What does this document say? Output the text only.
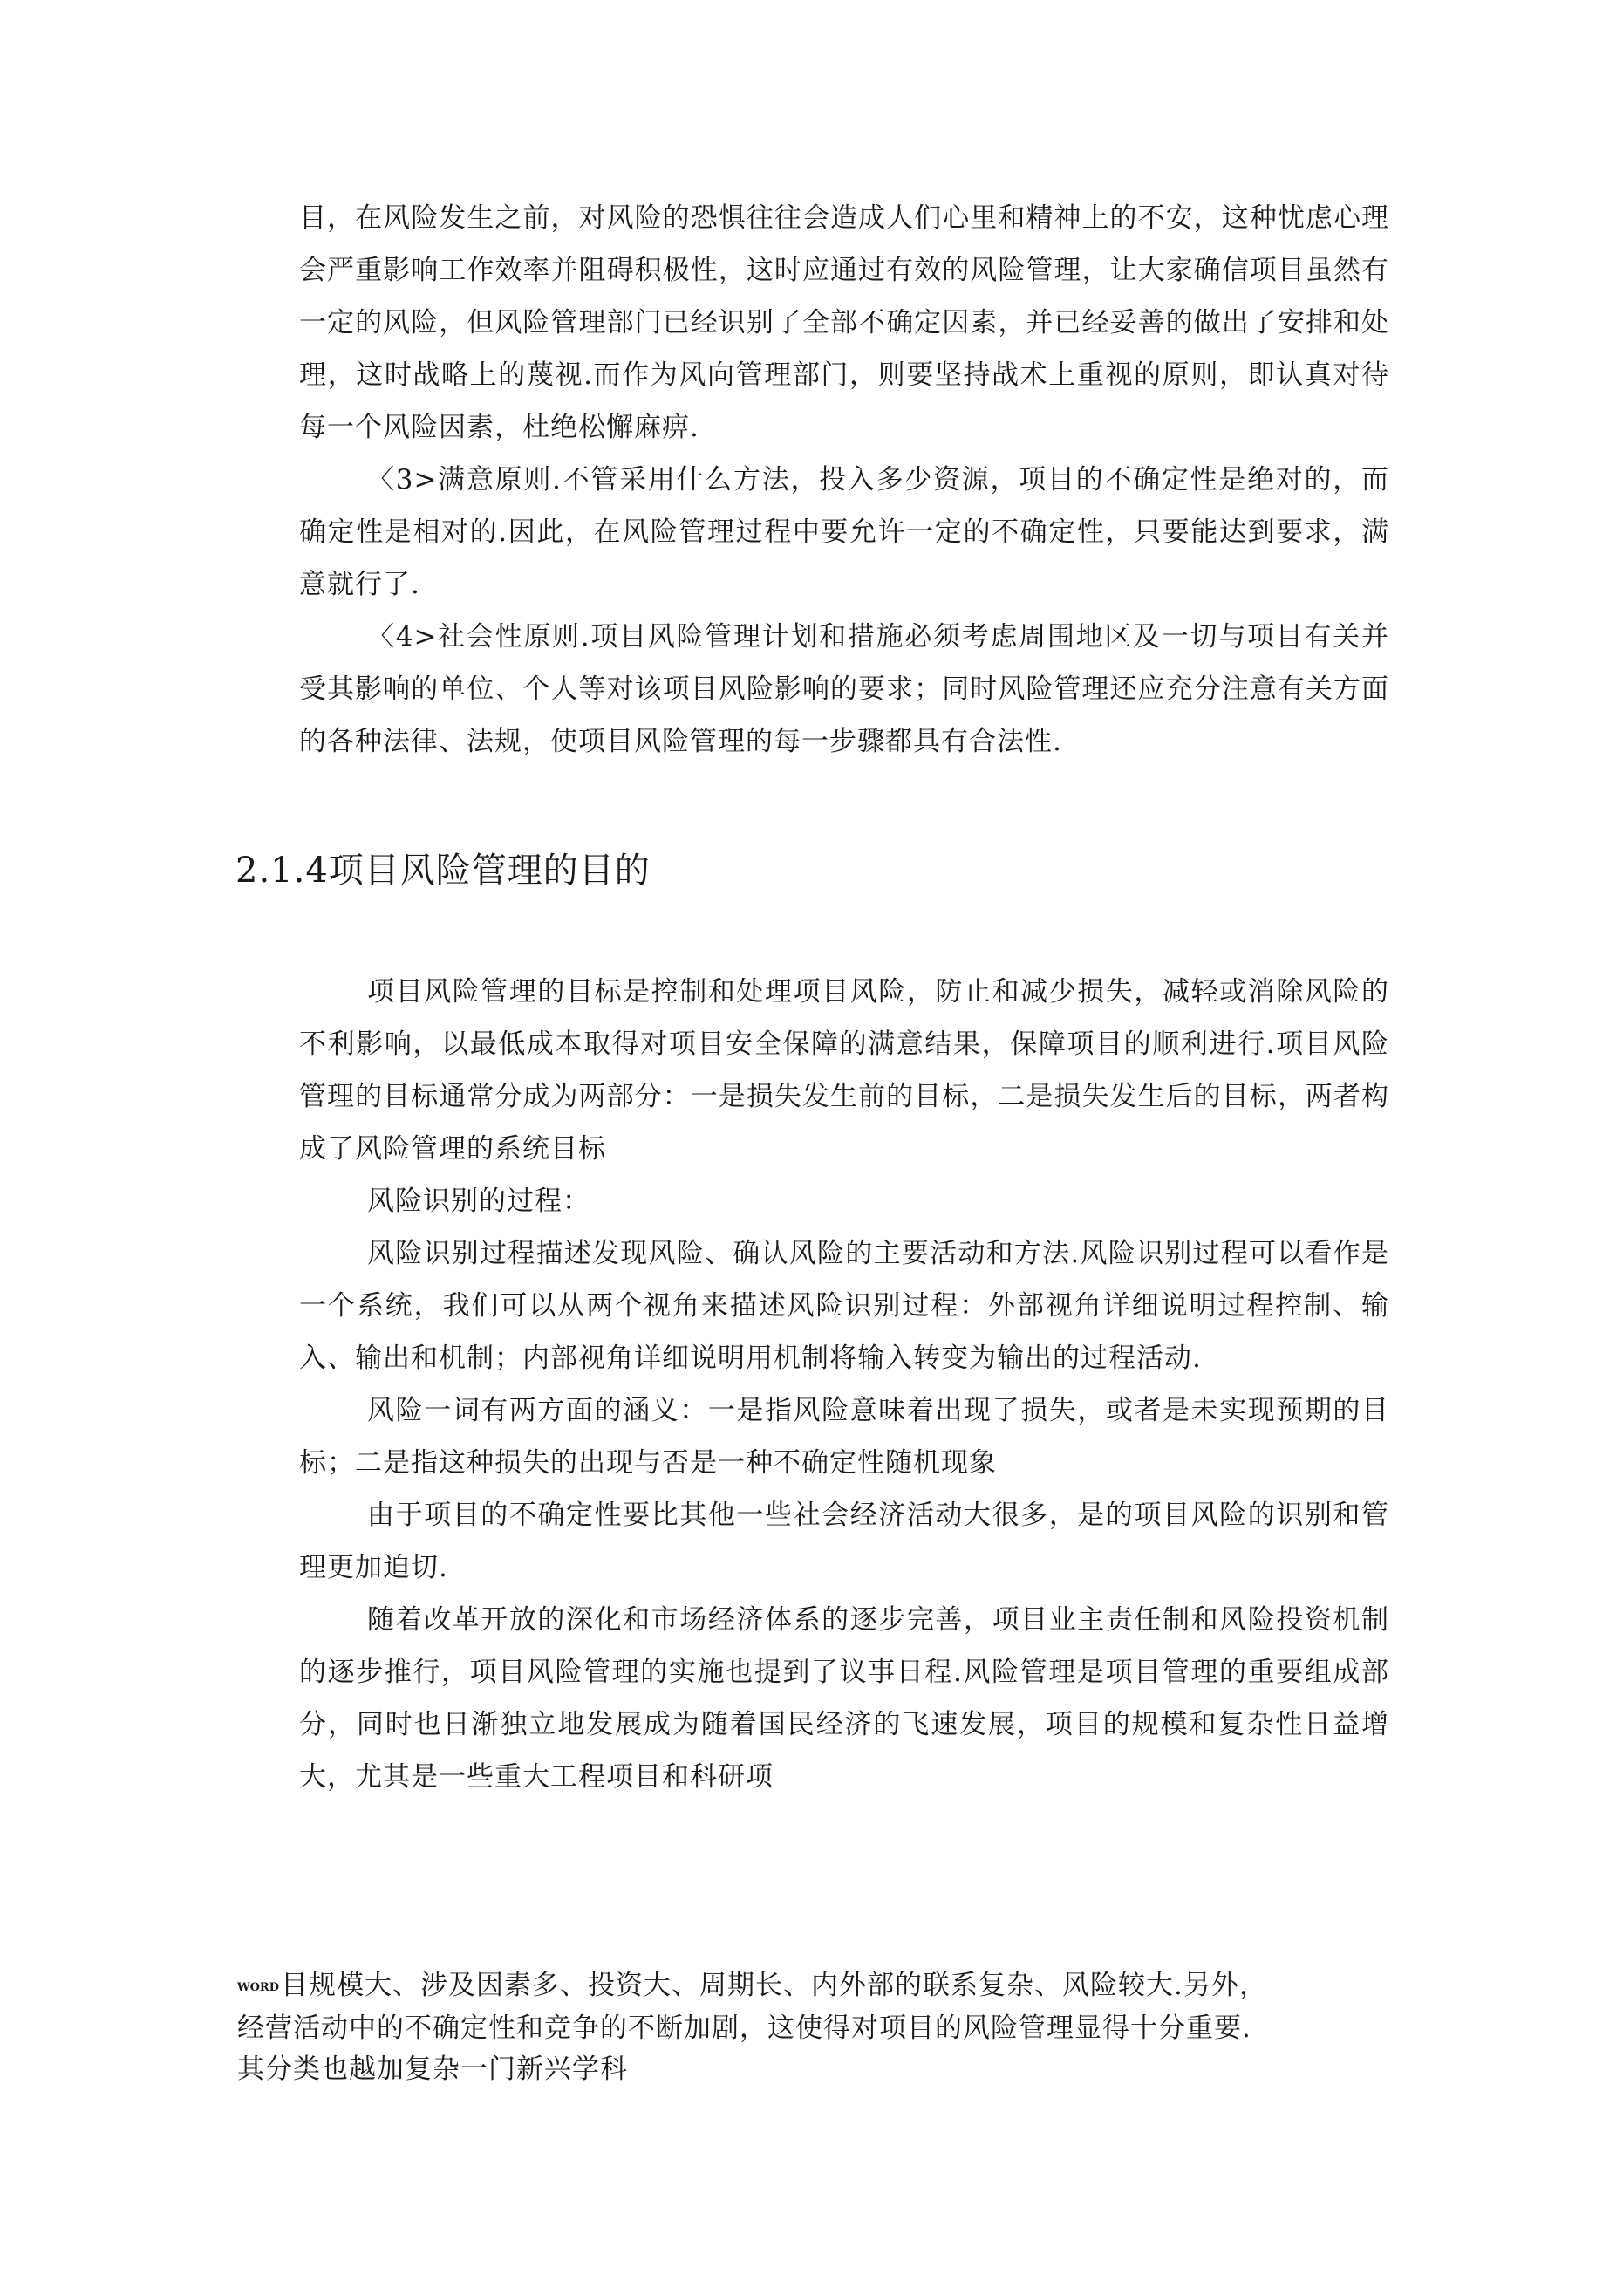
目，在风险发生之前，对风险的恐惧往往会造成人们心里和精神上的不安，这种忧虑心理会严重影响工作效率并阻碍积极性，这时应通过有效的风险管理，让大家确信项目虽然有一定的风险，但风险管理部门已经识别了全部不确定因素，并已经妥善的做出了安排和处理，这时战略上的蔑视.而作为风向管理部门，则要坚持战术上重视的原则，即认真对待每一个风险因素，杜绝松懈麻痹.

〈3>满意原则.不管采用什么方法，投入多少资源，项目的不确定性是绝对的，而确定性是相对的.因此，在风险管理过程中要允许一定的不确定性，只要能达到要求，满意就行了.

〈4>社会性原则.项目风险管理计划和措施必须考虑周围地区及一切与项目有关并受其影响的单位、个人等对该项目风险影响的要求；同时风险管理还应充分注意有关方面的各种法律、法规，使项目风险管理的每一步骤都具有合法性.

2.1.4项目风险管理的目的

项目风险管理的目标是控制和处理项目风险，防止和减少损失，减轻或消除风险的不利影响，以最低成本取得对项目安全保障的满意结果，保障项目的顺利进行.项目风险管理的目标通常分成为两部分：一是损失发生前的目标，二是损失发生后的目标，两者构成了风险管理的系统目标

风险识别的过程：

风险识别过程描述发现风险、确认风险的主要活动和方法.风险识别过程可以看作是一个系统，我们可以从两个视角来描述风险识别过程：外部视角详细说明过程控制、输入、输出和机制；内部视角详细说明用机制将输入转变为输出的过程活动.

风险一词有两方面的涵义：一是指风险意味着出现了损失，或者是未实现预期的目标；二是指这种损失的出现与否是一种不确定性随机现象

由于项目的不确定性要比其他一些社会经济活动大很多，是的项目风险的识别和管理更加迫切.

随着改革开放的深化和市场经济体系的逐步完善，项目业主责任制和风险投资机制的逐步推行，项目风险管理的实施也提到了议事日程.风险管理是项目管理的重要组成部分，同时也日渐独立地发展成为随着国民经济的飞速发展，项目的规模和复杂性日益增大，尤其是一些重大工程项目和科研项

WORD目规模大、涉及因素多、投资大、周期长、内外部的联系复杂、风险较大.另外，
经营活动中的不确定性和竞争的不断加剧，这使得对项目的风险管理显得十分重要.
其分类也越加复杂一门新兴学科
